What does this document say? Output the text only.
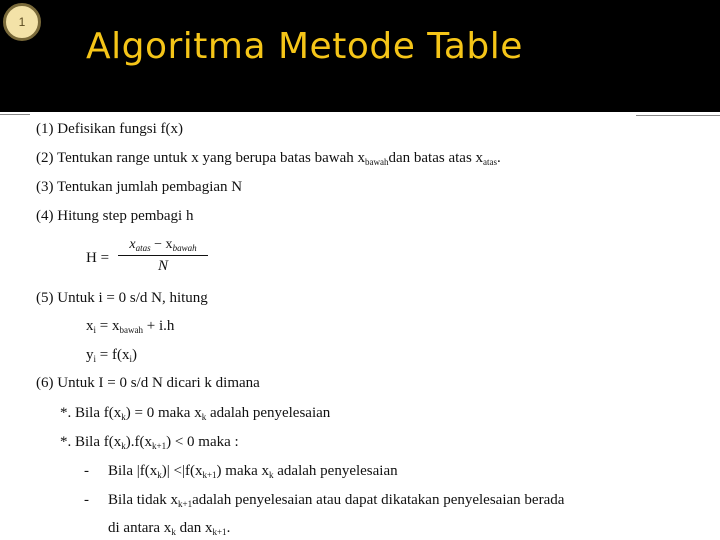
1
Algoritma Metode Table
(1) Defisikan fungsi f(x)
(2) Tentukan range untuk x yang berupa batas bawah $x_{bawah}dan$ batas atas $x_{atas}$.
(3) Tentukan jumlah pembagian N
(4) Hitung step pembagi h
H =
$x_{atas} - x_{bawah}$
N
(5) Untuk i = 0 s/d N, hitung
$x_i = x_{bawah} + i.h$
$y_i = f(x_i)$
(6) Untuk I = 0 s/d N dicari k dimana
*. Bila $f(x_k) = 0$ maka $x_k$ adalah penyelesaian
*. Bila $f(x_k).f(x_{k+1}) < 0$ maka :
- Bila $|f(x_k)| <|f(x_{k+1})$ maka $x_k$ adalah penyelesaian
- Bila tidak $x_{k+1}adalah$ penyelesaian atau dapat dikatakan penyelesaian berada
di antara $x_k$ dan $x_{k+1}$.
